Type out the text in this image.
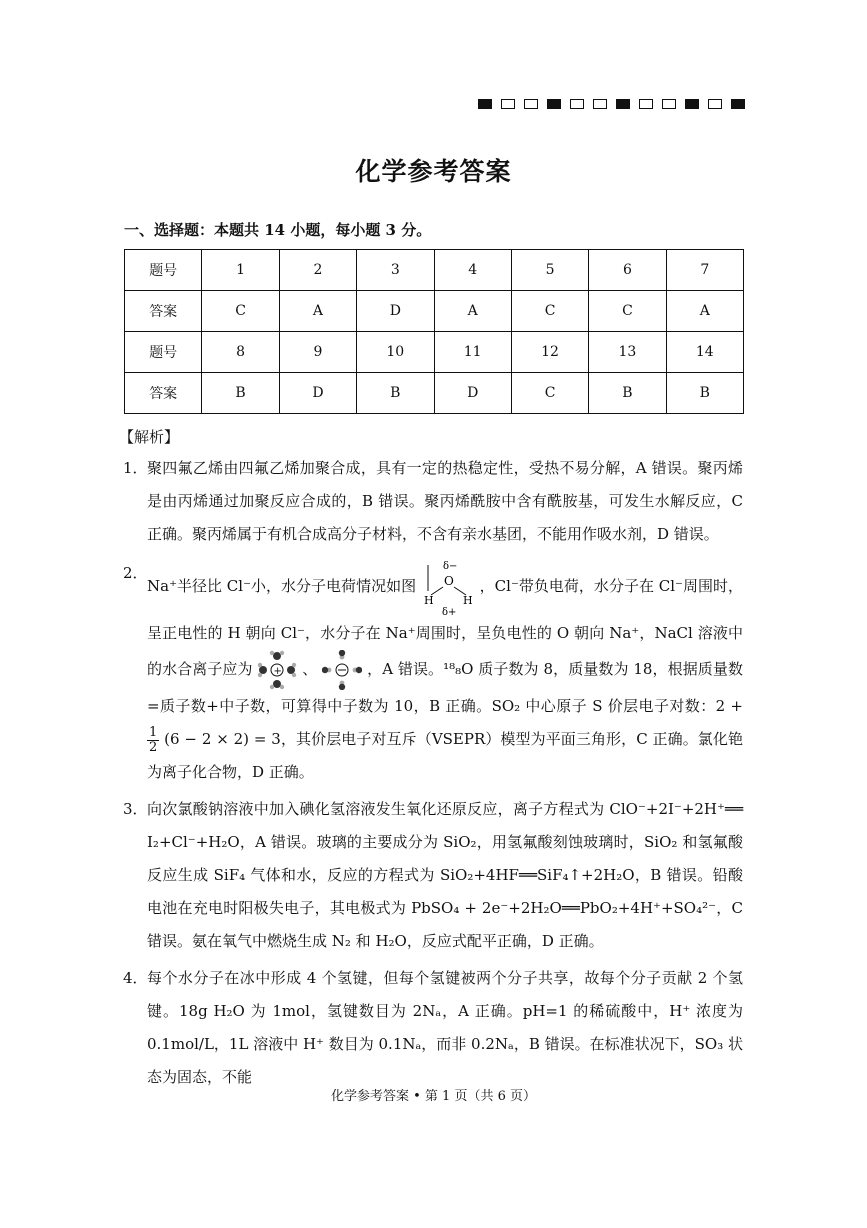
化学参考答案
一、选择题：本题共 14 小题，每小题 3 分。
题号	1	2	3	4	5	6	7
答案	C	A	D	A	C	C	A
题号	8	9	10	11	12	13	14
答案	B	D	B	D	C	B	B
【解析】
1． 聚四氟乙烯由四氟乙烯加聚合成，具有一定的热稳定性，受热不易分解，A 错误。聚丙烯是由丙烯通过加聚反应合成的，B 错误。聚丙烯酰胺中含有酰胺基，可发生水解反应，C 正确。聚丙烯属于有机合成高分子材料，不含有亲水基团，不能用作吸水剂，D 错误。

2．

Na⁺半径比 Cl⁻小，水分子电荷情况如图
δ−
O
H	H
δ+
，Cl⁻带负电荷，水分子在 Cl⁻周围时，呈正电性的 H 朝向 Cl⁻，水分子在 Na⁺周围时，呈负电性的 O 朝向 Na⁺，NaCl 溶液中的水合离子应为 + 、	，A 错误。¹⁸₈O 质子数为 8，质量数为 18，根据质量数=质子数+中子数，可算得中子数为 10，B 正确。SO₂ 中心原子 S 价层电子对数：2 +
$\frac{1}{2} (6 - 2 \times 2) = 3$，其价层电子对互斥（VSEPR）模型为平面三角形，C 正确。氯化铯为离子化合物，D 正确。

3． 向次氯酸钠溶液中加入碘化氢溶液发生氧化还原反应，离子方程式为 ClO⁻+2I⁻+2H⁺══ I₂+Cl⁻+H₂O，A 错误。玻璃的主要成分为 SiO₂，用氢氟酸刻蚀玻璃时，SiO₂ 和氢氟酸反应生成 SiF₄ 气体和水，反应的方程式为 SiO₂+4HF══SiF₄↑+2H₂O，B 错误。铅酸电池在充电时阳极失电子，其电极式为 PbSO₄ + 2e⁻+2H₂O══PbO₂+4H⁺+SO₄²⁻，C 错误。氨在氧气中燃烧生成 N₂ 和 H₂O，反应式配平正确，D 正确。

4． 每个水分子在冰中形成 4 个氢键，但每个氢键被两个分子共享，故每个分子贡献 2 个氢键。18g H₂O 为 1mol，氢键数目为 2Nₐ，A 正确。pH=1 的稀硫酸中，H⁺ 浓度为 0.1mol/L，1L 溶液中 H⁺ 数目为 0.1Nₐ，而非 0.2Nₐ，B 错误。在标准状况下，SO₃ 状态为固态，不能

化学参考答案 • 第 1 页（共 6 页）
